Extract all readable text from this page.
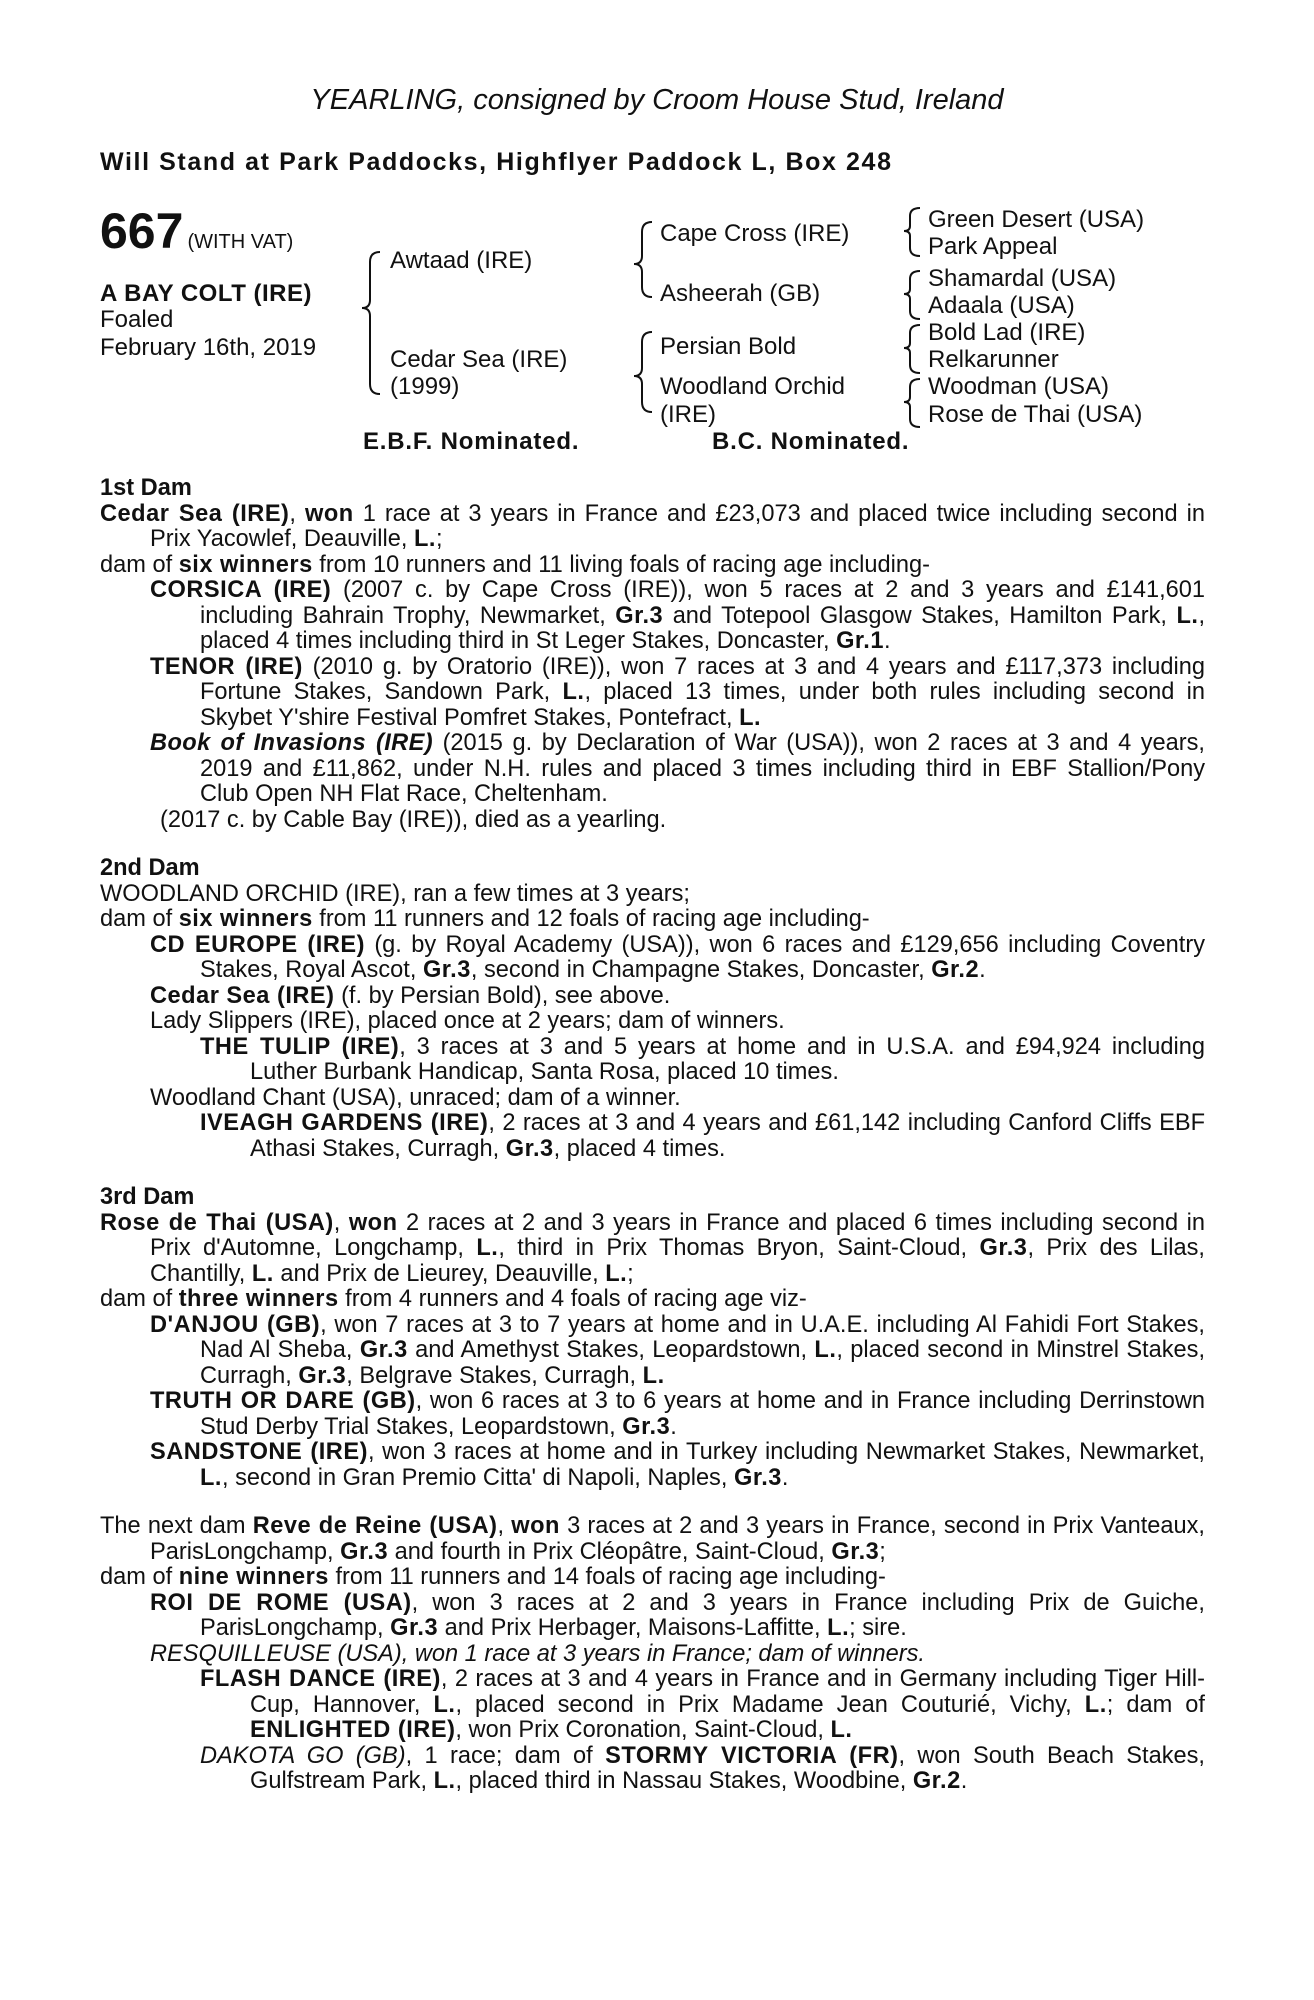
YEARLING, consigned by Croom House Stud, Ireland
Will Stand at Park Paddocks, Highflyer Paddock L, Box 248
667 (WITH VAT)
A BAY COLT (IRE)
Foaled
February 16th, 2019
Awtaad (IRE)
Cedar Sea (IRE)
(1999)
Cape Cross (IRE)
Asheerah (GB)
Persian Bold
Woodland Orchid
(IRE)
Green Desert (USA)
Park Appeal
Shamardal (USA)
Adaala (USA)
Bold Lad (IRE)
Relkarunner
Woodman (USA)
Rose de Thai (USA)
E.B.F. Nominated.	B.C. Nominated.

1st Dam

Cedar Sea (IRE), won 1 race at 3 years in France and £23,073 and placed twice including second in Prix Yacowlef, Deauville, L.;

dam of six winners from 10 runners and 11 living foals of racing age including-

CORSICA (IRE) (2007 c. by Cape Cross (IRE)), won 5 races at 2 and 3 years and £141,601 including Bahrain Trophy, Newmarket, Gr.3 and Totepool Glasgow Stakes, Hamilton Park, L., placed 4 times including third in St Leger Stakes, Doncaster, Gr.1.

TENOR (IRE) (2010 g. by Oratorio (IRE)), won 7 races at 3 and 4 years and £117,373 including Fortune Stakes, Sandown Park, L., placed 13 times, under both rules including second in Skybet Y'shire Festival Pomfret Stakes, Pontefract, L.

Book of Invasions (IRE) (2015 g. by Declaration of War (USA)), won 2 races at 3 and 4 years, 2019 and £11,862, under N.H. rules and placed 3 times including third in EBF Stallion/Pony Club Open NH Flat Race, Cheltenham.

(2017 c. by Cable Bay (IRE)), died as a yearling.

2nd Dam

WOODLAND ORCHID (IRE), ran a few times at 3 years;

dam of six winners from 11 runners and 12 foals of racing age including-

CD EUROPE (IRE) (g. by Royal Academy (USA)), won 6 races and £129,656 including Coventry Stakes, Royal Ascot, Gr.3, second in Champagne Stakes, Doncaster, Gr.2.

Cedar Sea (IRE) (f. by Persian Bold), see above.

Lady Slippers (IRE), placed once at 2 years; dam of winners.

THE TULIP (IRE), 3 races at 3 and 5 years at home and in U.S.A. and £94,924 including Luther Burbank Handicap, Santa Rosa, placed 10 times.

Woodland Chant (USA), unraced; dam of a winner.

IVEAGH GARDENS (IRE), 2 races at 3 and 4 years and £61,142 including Canford Cliffs EBF Athasi Stakes, Curragh, Gr.3, placed 4 times.

3rd Dam

Rose de Thai (USA), won 2 races at 2 and 3 years in France and placed 6 times including second in Prix d'Automne, Longchamp, L., third in Prix Thomas Bryon, Saint-Cloud, Gr.3, Prix des Lilas, Chantilly, L. and Prix de Lieurey, Deauville, L.;

dam of three winners from 4 runners and 4 foals of racing age viz-

D'ANJOU (GB), won 7 races at 3 to 7 years at home and in U.A.E. including Al Fahidi Fort Stakes, Nad Al Sheba, Gr.3 and Amethyst Stakes, Leopardstown, L., placed second in Minstrel Stakes, Curragh, Gr.3, Belgrave Stakes, Curragh, L.

TRUTH OR DARE (GB), won 6 races at 3 to 6 years at home and in France including Derrinstown Stud Derby Trial Stakes, Leopardstown, Gr.3.

SANDSTONE (IRE), won 3 races at home and in Turkey including Newmarket Stakes, Newmarket, L., second in Gran Premio Citta' di Napoli, Naples, Gr.3.

The next dam Reve de Reine (USA), won 3 races at 2 and 3 years in France, second in Prix Vanteaux, ParisLongchamp, Gr.3 and fourth in Prix Cléopâtre, Saint-Cloud, Gr.3;

dam of nine winners from 11 runners and 14 foals of racing age including-

ROI DE ROME (USA), won 3 races at 2 and 3 years in France including Prix de Guiche, ParisLongchamp, Gr.3 and Prix Herbager, Maisons-Laffitte, L.; sire.

RESQUILLEUSE (USA), won 1 race at 3 years in France; dam of winners.

FLASH DANCE (IRE), 2 races at 3 and 4 years in France and in Germany including Tiger Hill-Cup, Hannover, L., placed second in Prix Madame Jean Couturié, Vichy, L.; dam of ENLIGHTED (IRE), won Prix Coronation, Saint-Cloud, L.

DAKOTA GO (GB), 1 race; dam of STORMY VICTORIA (FR), won South Beach Stakes, Gulfstream Park, L., placed third in Nassau Stakes, Woodbine, Gr.2.
